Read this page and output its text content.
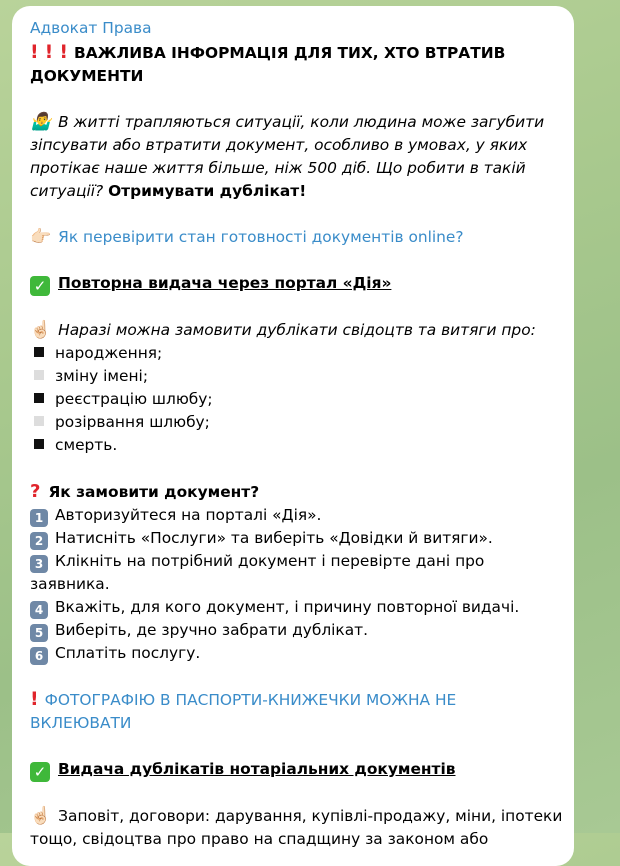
Адвокат Права
! ! ! ВАЖЛИВА ІНФОРМАЦІЯ ДЛЯ ТИХ, ХТО ВТРАТИВ
ДОКУМЕНТИ
🤷‍♂️ В житті трапляються ситуації, коли людина може загубити
зіпсувати або втратити документ, особливо в умовах, у яких
протікає наше життя більше, ніж 500 діб. Що робити в такій
ситуації? Отримувати дублікат!
👉🏻 Як перевірити стан готовності документів online?
✓ Повторна видача через портал «Дія»
☝🏻 Наразі можна замовити дублікати свідоцтв та витяги про:
народження;
зміну імені;
реєстрацію шлюбу;
розірвання шлюбу;
смерть.
? Як замовити документ?
1 Авторизуйтеся на порталі «Дія».
2 Натисніть «Послуги» та виберіть «Довідки й витяги».
3 Клікніть на потрібний документ і перевірте дані про
заявника.
4 Вкажіть, для кого документ, і причину повторної видачі.
5 Виберіть, де зручно забрати дублікат.
6 Сплатіть послугу.
! ФОТОГРАФІЮ В ПАСПОРТИ-КНИЖЕЧКИ МОЖНА НЕ
ВКЛЕЮВАТИ
✓ Видача дублікатів нотаріальних документів
☝🏻 Заповіт, договори: дарування, купівлі-продажу, міни, іпотеки
тощо, свідоцтва про право на спадщину за законом або
